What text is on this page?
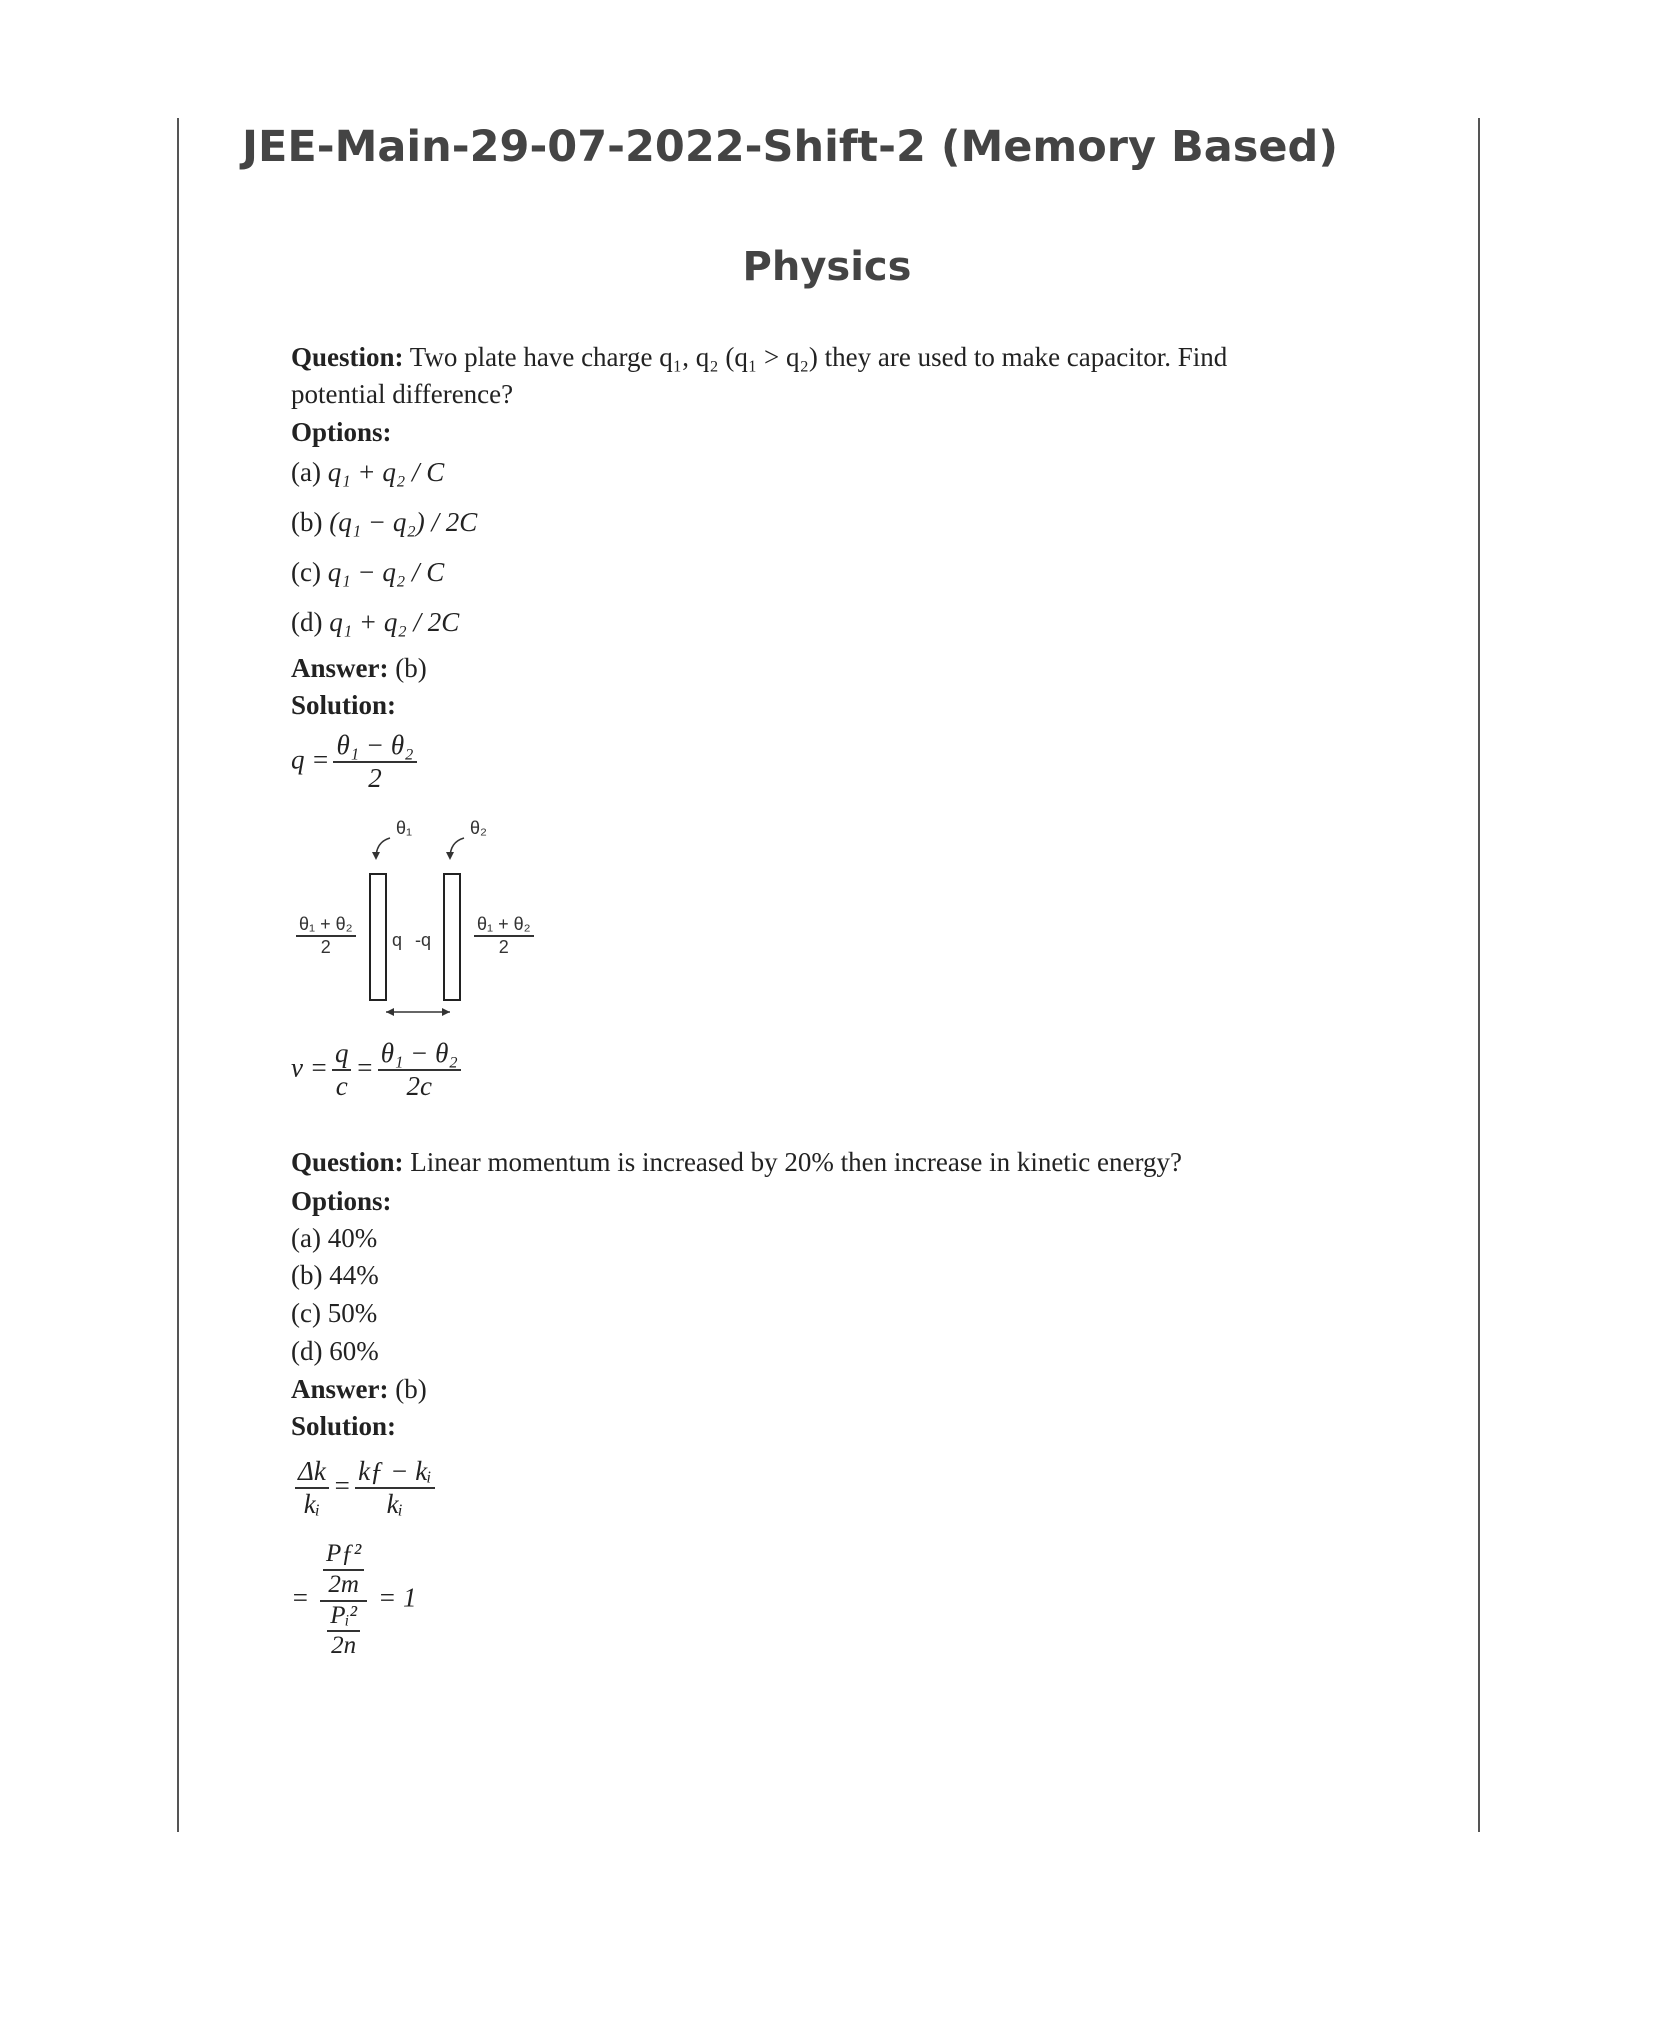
JEE-Main-29-07-2022-Shift-2 (Memory Based)
Physics
Question: Two plate have charge q₁, q₂ (q₁ > q₂) they are used to make capacitor. Find
potential difference?
Options:
(a) q₁ + q₂ / C
(b) (q₁ − q₂) / 2C
(c) q₁ − q₂ / C
(d) q₁ + q₂ / 2C
Answer: (b)
Solution:
$q = \frac{\text{θ₁ − θ₂}}{2}$
θ₁	θ₂
q -q
$\frac{\text{θ₁ + θ₂}}{2}$	$\frac{\text{θ₁ + θ₂}}{2}$
$v = \frac{q}{c} = \frac{\text{θ₁ − θ₂}}{2c}$
Question: Linear momentum is increased by 20% then increase in kinetic energy?
Options:
(a) 40%
(b) 44%
(c) 50%
(d) 60%
Answer: (b)
Solution:
$\frac{\Delta k}{\text{kᵢ}} = \frac{\text{kƒ − kᵢ}}{\text{kᵢ}}$
= $\frac{\frac{\text{Pƒ²}}{2m}}{\frac{\text{Pᵢ²}}{2n}} = 1$
